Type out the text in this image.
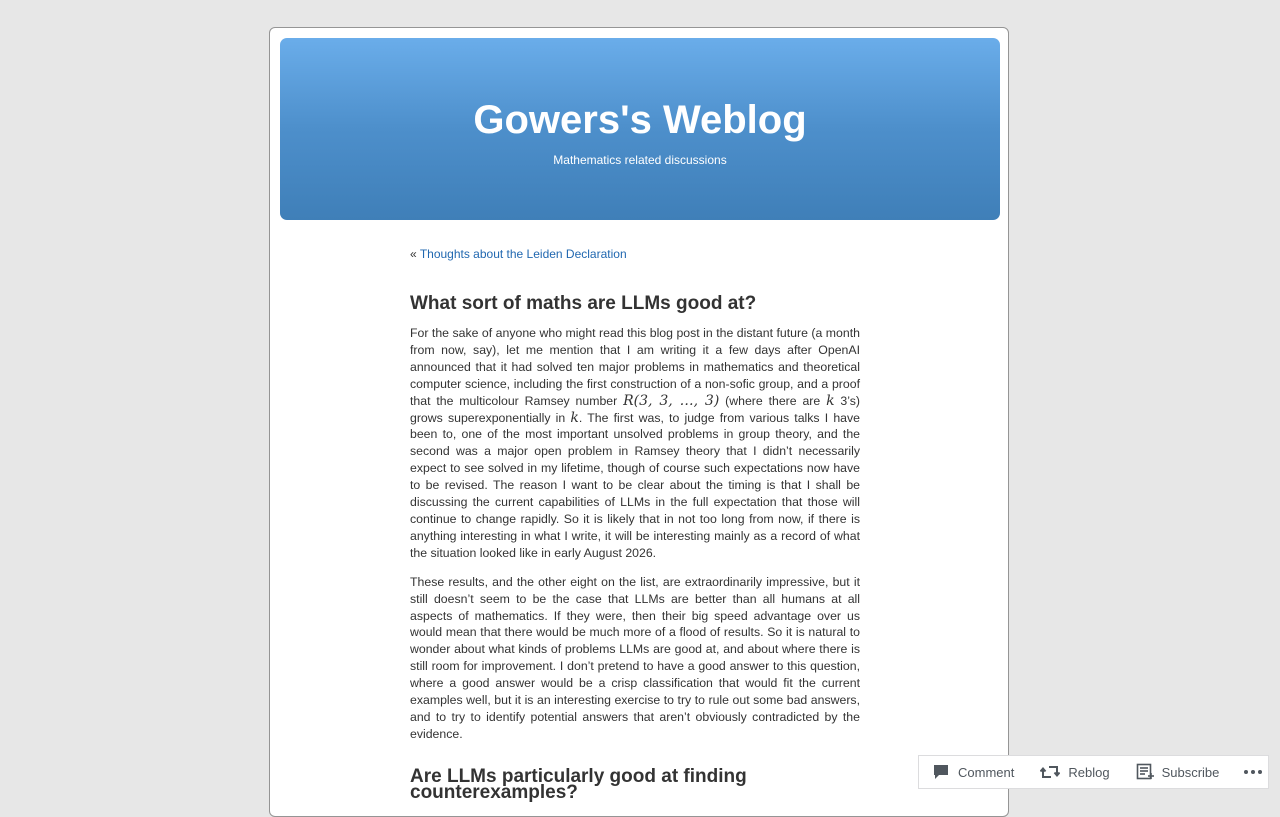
Gowers's Weblog
Mathematics related discussions
« Thoughts about the Leiden Declaration
What sort of maths are LLMs good at?

For the sake of anyone who might read this blog post in the distant future (a month from now, say), let me mention that I am writing it a few days after OpenAI announced that it had solved ten major problems in mathematics and theoretical computer science, including the first construction of a non-sofic group, and a proof that the multicolour Ramsey number R(3, 3, …, 3) (where there are k 3’s) grows superexponentially in k. The first was, to judge from various talks I have been to, one of the most important unsolved problems in group theory, and the second was a major open problem in Ramsey theory that I didn’t necessarily expect to see solved in my lifetime, though of course such expectations now have to be revised. The reason I want to be clear about the timing is that I shall be discussing the current capabilities of LLMs in the full expectation that those will continue to change rapidly. So it is likely that in not too long from now, if there is anything interesting in what I write, it will be interesting mainly as a record of what the situation looked like in early August 2026.

These results, and the other eight on the list, are extraordinarily impressive, but it still doesn’t seem to be the case that LLMs are better than all humans at all aspects of mathematics. If they were, then their big speed advantage over us would mean that there would be much more of a flood of results. So it is natural to wonder about what kinds of problems LLMs are good at, and about where there is still room for improvement. I don’t pretend to have a good answer to this question, where a good answer would be a crisp classification that would fit the current examples well, but it is an interesting exercise to try to rule out some bad answers, and to try to identify potential answers that aren’t obviously contradicted by the evidence.

Are LLMs particularly good at finding counterexamples?
Comment	Reblog	Subscribe
